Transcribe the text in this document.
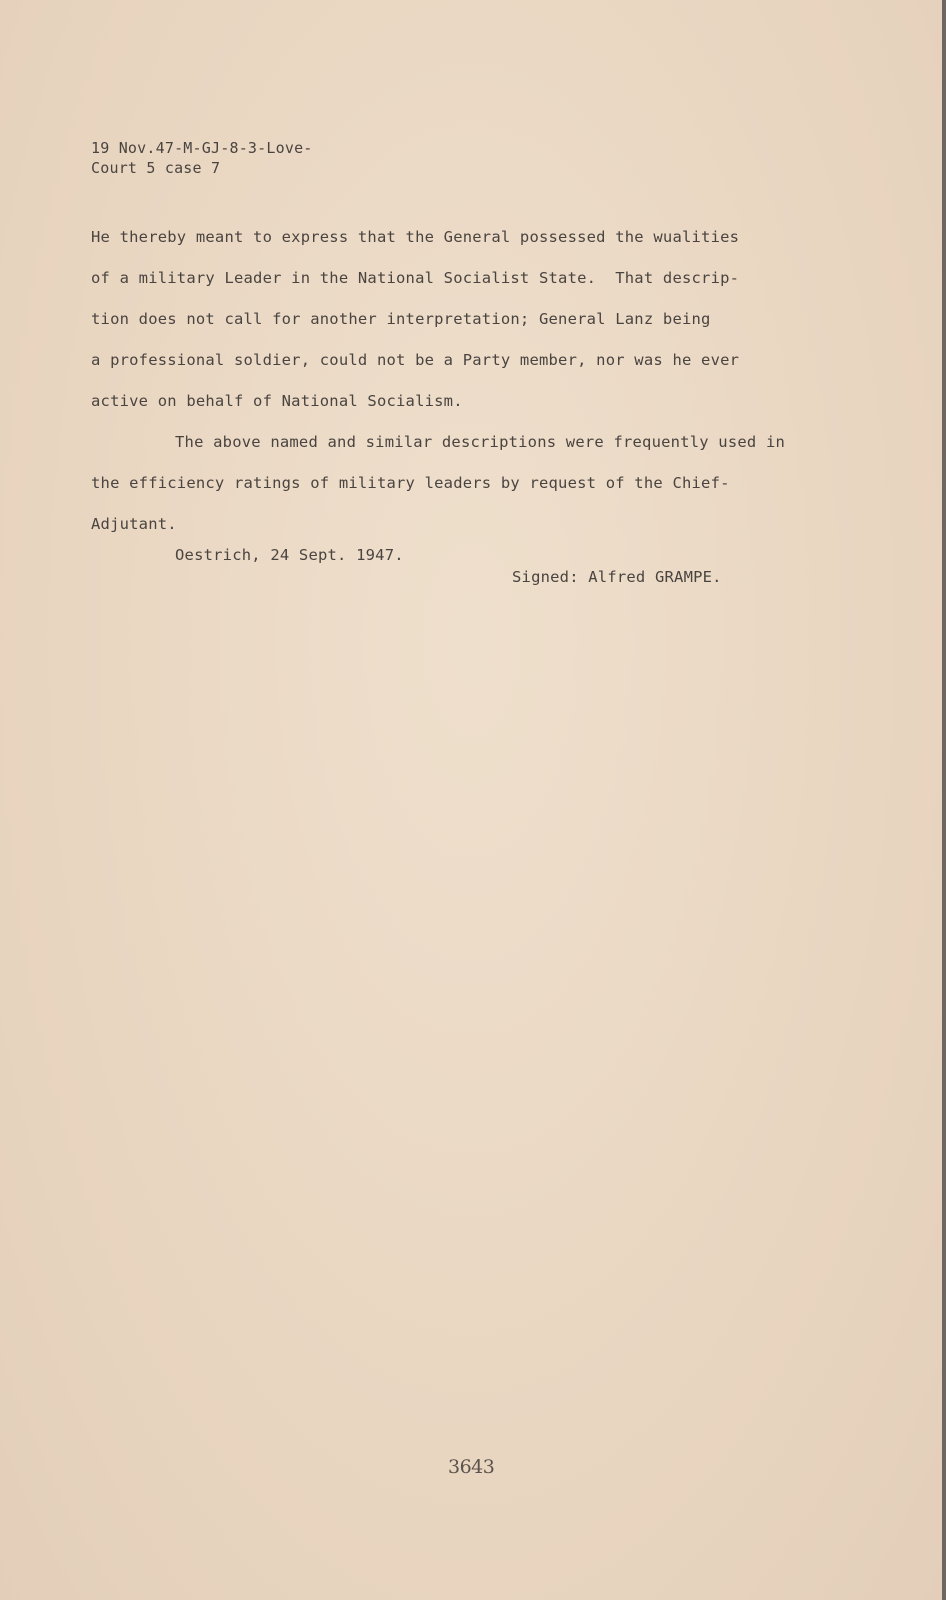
19 Nov.47-M-GJ-8-3-Love-
Court 5 case 7
He thereby meant to express that the General possessed the wualities
of a military Leader in the National Socialist State.  That descrip-
tion does not call for another interpretation; General Lanz being
a professional soldier, could not be a Party member, nor was he ever
active on behalf of National Socialism.
The above named and similar descriptions were frequently used in
the efficiency ratings of military leaders by request of the Chief-
Adjutant.
Oestrich, 24 Sept. 1947.
Signed: Alfred GRAMPE.
3643
